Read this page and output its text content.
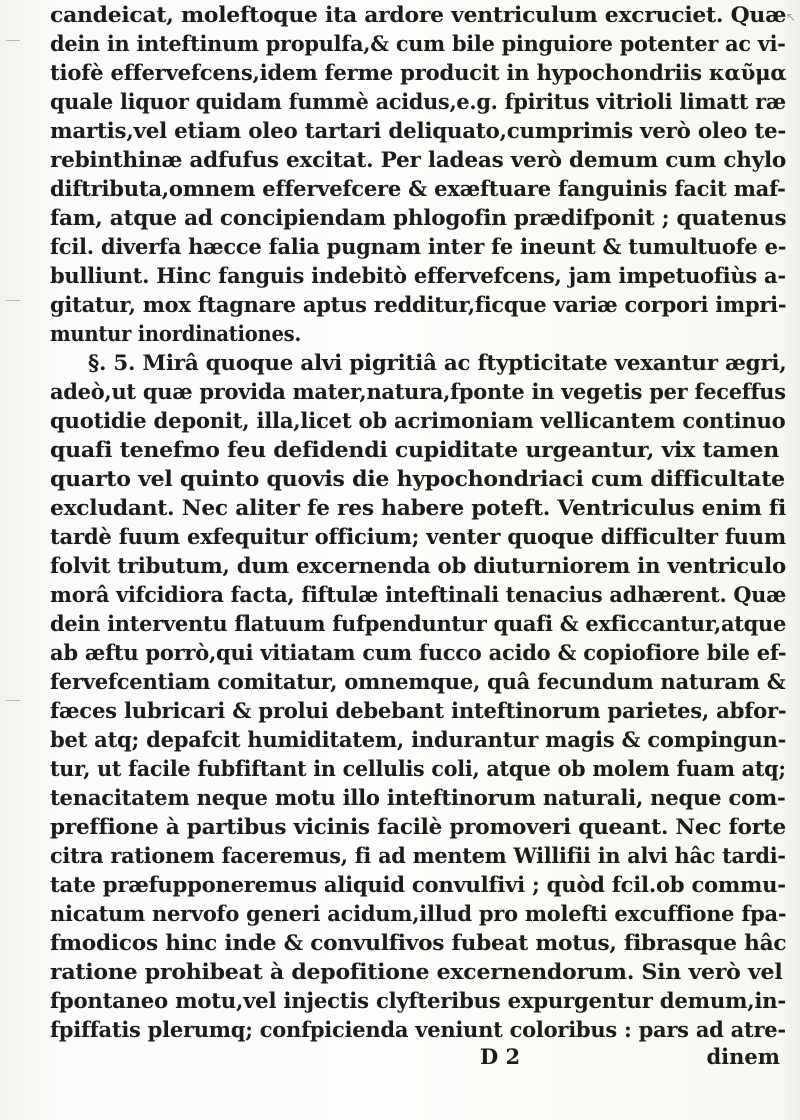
↖
candeicat, moleftoque ita ardore ventriculum excruciet. Quæ
dein in inteftinum propulfa,& cum bile pinguiore potenter ac vi-
tiofè effervefcens,idem ferme producit in hypochondriis καῦμα
quale liquor quidam fummè acidus,e.g. fpiritus vitrioli limatt ræ
martis,vel etiam oleo tartari deliquato,cumprimis verò oleo te-
rebinthinæ adfufus excitat. Per ladeas verò demum cum chylo
diftributa,omnem effervefcere & exæftuare fanguinis facit maf-
fam, atque ad concipiendam phlogofin prædifponit ; quatenus
fcil. diverfa hæcce falia pugnam inter fe ineunt & tumultuofe e-
bulliunt. Hinc fanguis indebitò effervefcens, jam impetuofiùs a-
gitatur, mox ftagnare aptus redditur,ficque variæ corpori impri-
muntur inordinationes.
§. 5. Mirâ quoque alvi pigritiâ ac ftypticitate vexantur ægri,
adeò,ut quæ provida mater,natura,fponte in vegetis per feceffus
quotidie deponit, illa,licet ob acrimoniam vellicantem continuo
quafi tenefmo feu defidendi cupiditate urgeantur, vix tamen
quarto vel quinto quovis die hypochondriaci cum difficultate
excludant. Nec aliter fe res habere poteft. Ventriculus enim fi
tardè fuum exfequitur officium; venter quoque difficulter fuum
folvit tributum, dum excernenda ob diuturniorem in ventriculo
morâ vifcidiora facta, fiftulæ inteftinali tenacius adhærent. Quæ
dein interventu flatuum fufpenduntur quafi & exficcantur,atque
ab æftu porrò,qui vitiatam cum fucco acido & copiofiore bile ef-
fervefcentiam comitatur, omnemque, quâ fecundum naturam &
fæces lubricari & prolui debebant inteftinorum parietes, abfor-
bet atq; depafcit humiditatem, indurantur magis & compingun-
tur, ut facile fubfiftant in cellulis coli, atque ob molem fuam atq;
tenacitatem neque motu illo inteftinorum naturali, neque com-
preffione à partibus vicinis facilè promoveri queant. Nec forte
citra rationem faceremus, fi ad mentem Willifii in alvi hâc tardi-
tate præfupponeremus aliquid convulfivi ; quòd fcil.ob commu-
nicatum nervofo generi acidum,illud pro molefti excuffione fpa-
fmodicos hinc inde & convulfivos fubeat motus, fibrasque hâc
ratione prohibeat à depofitione excernendorum. Sin verò vel
fpontaneo motu,vel injectis clyfteribus expurgentur demum,in-
fpiffatis plerumq; confpicienda veniunt coloribus : pars ad atre-
D 2	dinem
